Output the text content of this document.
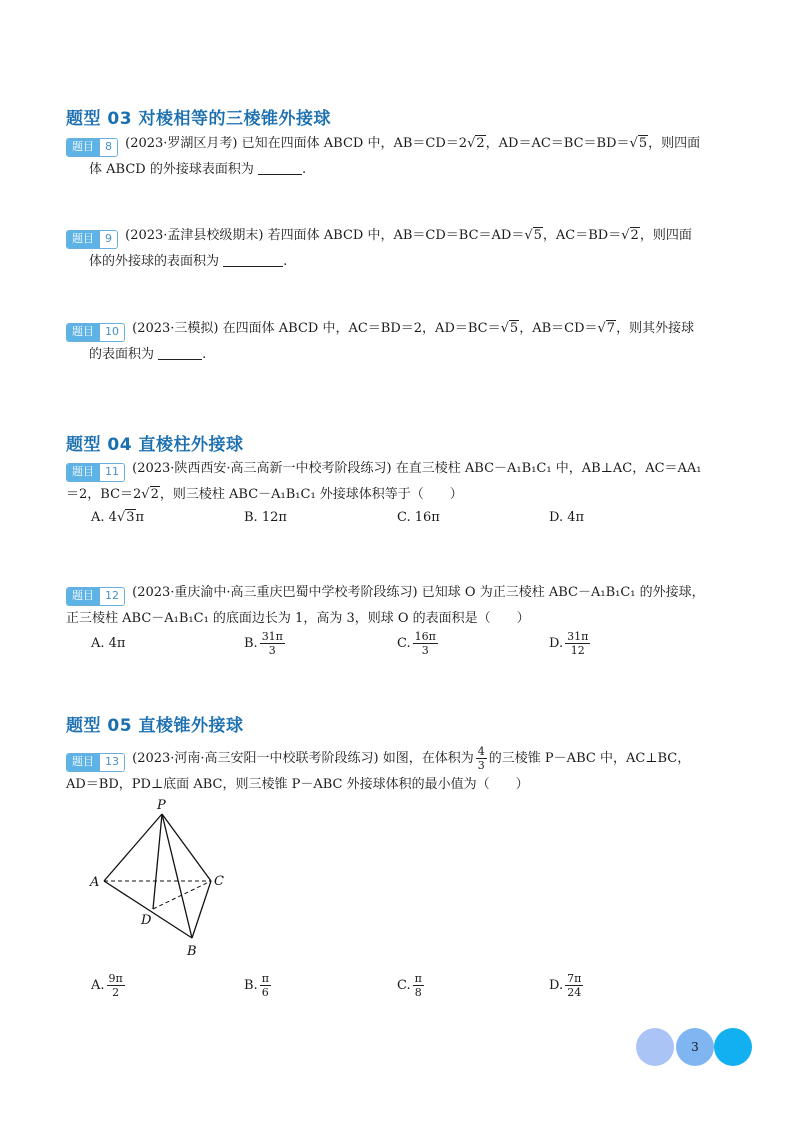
题型 03 对棱相等的三棱锥外接球
题目	8	(2023·罗湖区月考) 已知在四面体 ABCD 中，AB＝CD＝2√2，AD＝AC＝BC＝BD＝√5，则四面
体 ABCD 的外接球表面积为	.
题目	9	(2023·孟津县校级期末) 若四面体 ABCD 中，AB＝CD＝BC＝AD＝√5，AC＝BD＝√2，则四面
体的外接球的表面积为	.
题目	10	(2023·三模拟) 在四面体 ABCD 中，AC＝BD＝2，AD＝BC＝√5，AB＝CD＝√7，则其外接球
的表面积为	.
题型 04 直棱柱外接球
题目	11	(2023·陕西西安·高三高新一中校考阶段练习) 在直三棱柱 ABC－A₁B₁C₁ 中，AB⊥AC，AC＝AA₁
＝2，BC＝2√2，则三棱柱 ABC－A₁B₁C₁ 外接球体积等于（　　）
A. 4√3π	B. 12π	C. 16π	D. 4π
题目	12	(2023·重庆渝中·高三重庆巴蜀中学校考阶段练习) 已知球 O 为正三棱柱 ABC－A₁B₁C₁ 的外接球，
正三棱柱 ABC－A₁B₁C₁ 的底面边长为 1，高为 3，则球 O 的表面积是（　　）
A. 4π	B. $\frac{31\pi}{3}$	C. $\frac{16\pi}{3}$	D. $\frac{31\pi}{12}$
题型 05 直棱锥外接球
题目	13	(2023·河南·高三安阳一中校联考阶段练习) 如图，在体积为 $\frac{4}{3}$ 的三棱锥 P－ABC 中，AC⊥BC，
AD＝BD，PD⊥底面 ABC，则三棱锥 P－ABC 外接球体积的最小值为（　　）
P
A	C
D
B
A. $\frac{9\pi}{2}$	B. $\frac{\pi}{6}$	C. $\frac{\pi}{8}$	D. $\frac{7\pi}{24}$
3
